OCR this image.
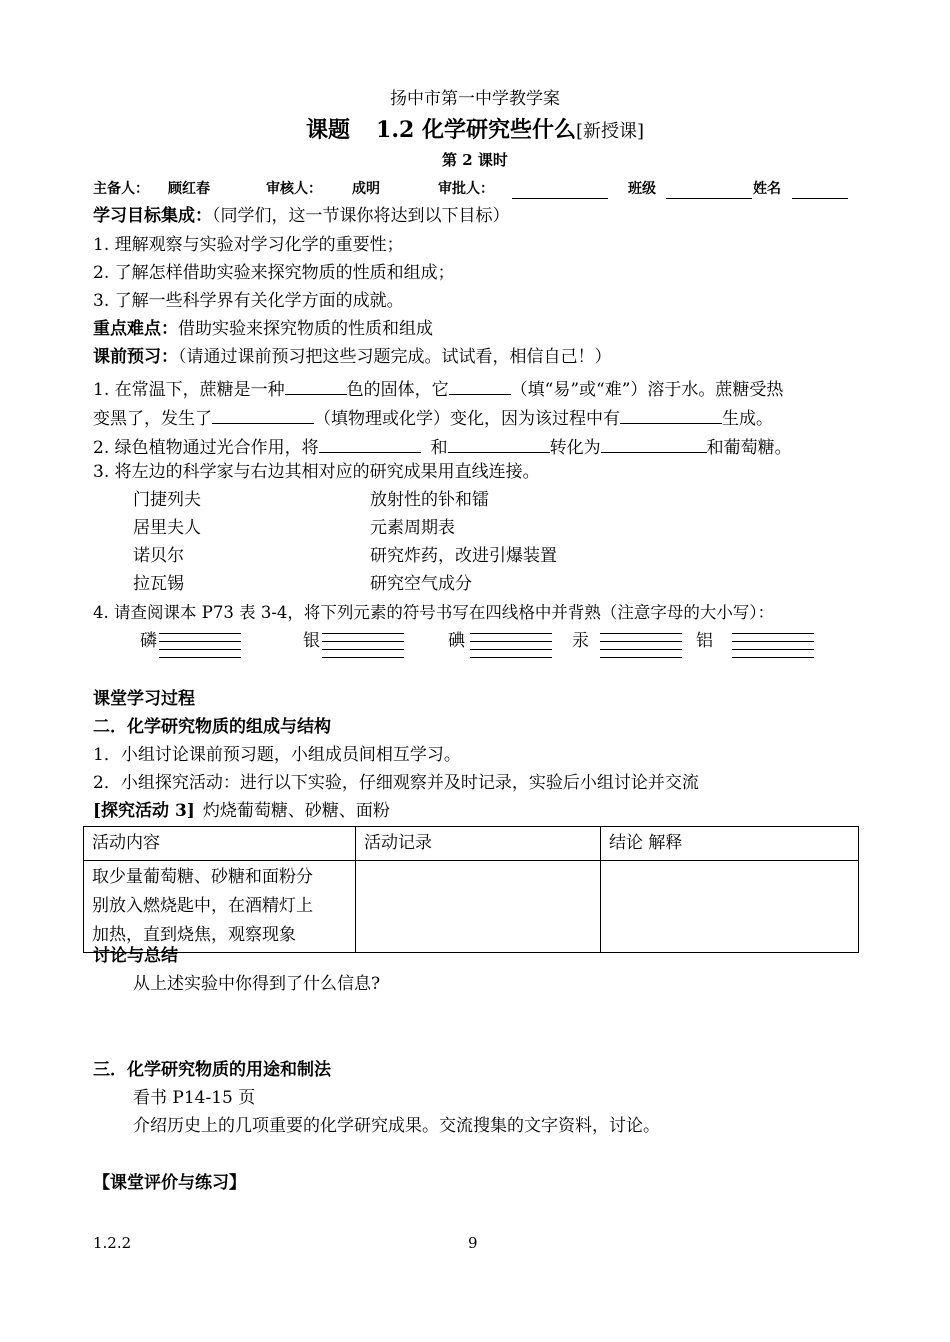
扬中市第一中学教学案
课题 1.2 化学研究些什么[新授课]
第 2 课时
主备人： 顾红春	审核人： 成明	审批人：	班级	姓名
学习目标集成：（同学们，这一节课你将达到以下目标）
1. 理解观察与实验对学习化学的重要性；
2. 了解怎样借助实验来探究物质的性质和组成；
3. 了解一些科学界有关化学方面的成就。
重点难点：借助实验来探究物质的性质和组成
课前预习：（请通过课前预习把这些习题完成。试试看，相信自己！）
1. 在常温下，蔗糖是一种	色的固体，它	（填“易”或“难”）溶于水。蔗糖受热
变黑了，发生了	（填物理或化学）变化，因为该过程中有	生成。
2. 绿色植物通过光合作用，将	和	转化为	和葡萄糖。
3. 将左边的科学家与右边其相对应的研究成果用直线连接。
门捷列夫	放射性的钋和镭
居里夫人	元素周期表
诺贝尔	研究炸药，改进引爆装置
拉瓦锡	研究空气成分
4. 请查阅课本 P73 表 3-4，将下列元素的符号书写在四线格中并背熟（注意字母的大小写）：
磷	银	碘	汞	铝
课堂学习过程
二．化学研究物质的组成与结构
1．小组讨论课前预习题，小组成员间相互学习。
2．小组探究活动：进行以下实验，仔细观察并及时记录，实验后小组讨论并交流
[探究活动 3] 灼烧葡萄糖、砂糖、面粉
活动内容	活动记录	结论 解释

取少量葡萄糖、砂糖和面粉分
别放入燃烧匙中，在酒精灯上
加热，直到烧焦，观察现象		

讨论与总结
从上述实验中你得到了什么信息?
三．化学研究物质的用途和制法
看书 P14-15 页
介绍历史上的几项重要的化学研究成果。交流搜集的文字资料，讨论。
【课堂评价与练习】
1.2.2	9
